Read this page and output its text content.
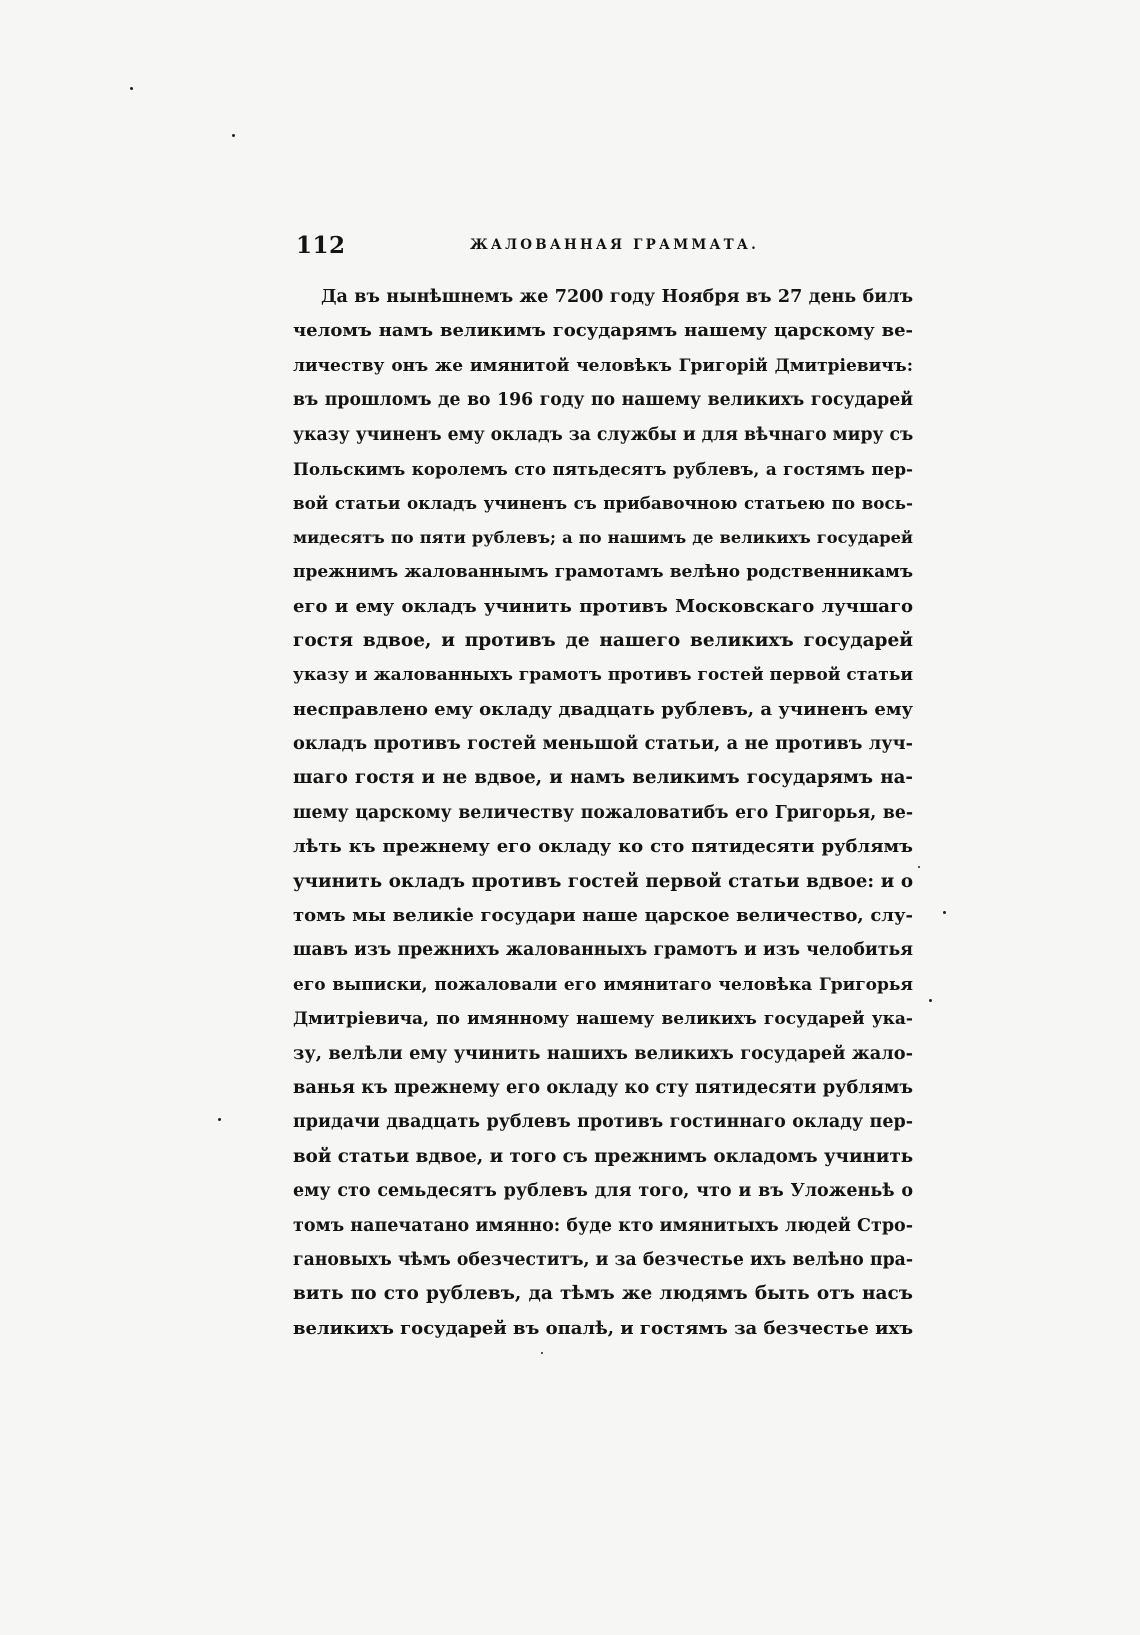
112	ЖАЛОВАННАЯ ГРАММАТА.
Да въ нынѣшнемъ же 7200 году Ноября въ 27 день билъ
челомъ намъ великимъ государямъ нашему царскому ве-
личеству онъ же имянитой человѣкъ Григорій Дмитріевичъ:
въ прошломъ де во 196 году по нашему великихъ государей
указу учиненъ ему окладъ за службы и для вѣчнаго миру съ
Польскимъ королемъ сто пятьдесятъ рублевъ, а гостямъ пер-
вой статьи окладъ учиненъ съ прибавочною статьею по вось-
мидесятъ по пяти рублевъ; а по нашимъ де великихъ государей
прежнимъ жалованнымъ грамотамъ велѣно родственникамъ
его и ему окладъ учинить противъ Московскаго лучшаго
гостя вдвое, и противъ де нашего великихъ государей
указу и жалованныхъ грамотъ противъ гостей первой статьи
несправлено ему окладу двадцать рублевъ, а учиненъ ему
окладъ противъ гостей меньшой статьи, а не противъ луч-
шаго гостя и не вдвое, и намъ великимъ государямъ на-
шему царскому величеству пожаловатибъ его Григорья, ве-
лѣть къ прежнему его окладу ко сто пятидесяти рублямъ
учинить окладъ противъ гостей первой статьи вдвое: и о
томъ мы великіе государи наше царское величество, слу-
шавъ изъ прежнихъ жалованныхъ грамотъ и изъ челобитья
его выписки, пожаловали его имянитаго человѣка Григорья
Дмитріевича, по имянному нашему великихъ государей ука-
зу, велѣли ему учинить нашихъ великихъ государей жало-
ванья къ прежнему его окладу ко сту пятидесяти рублямъ
придачи двадцать рублевъ противъ гостиннаго окладу пер-
вой статьи вдвое, и того съ прежнимъ окладомъ учинить
ему сто семьдесятъ рублевъ для того, что и въ Уложеньѣ о
томъ напечатано имянно: буде кто имянитыхъ людей Стро-
гановыхъ чѣмъ обезчеститъ, и за безчестье ихъ велѣно пра-
вить по сто рублевъ, да тѣмъ же людямъ быть отъ насъ
великихъ государей въ опалѣ, и гостямъ за безчестье ихъ
